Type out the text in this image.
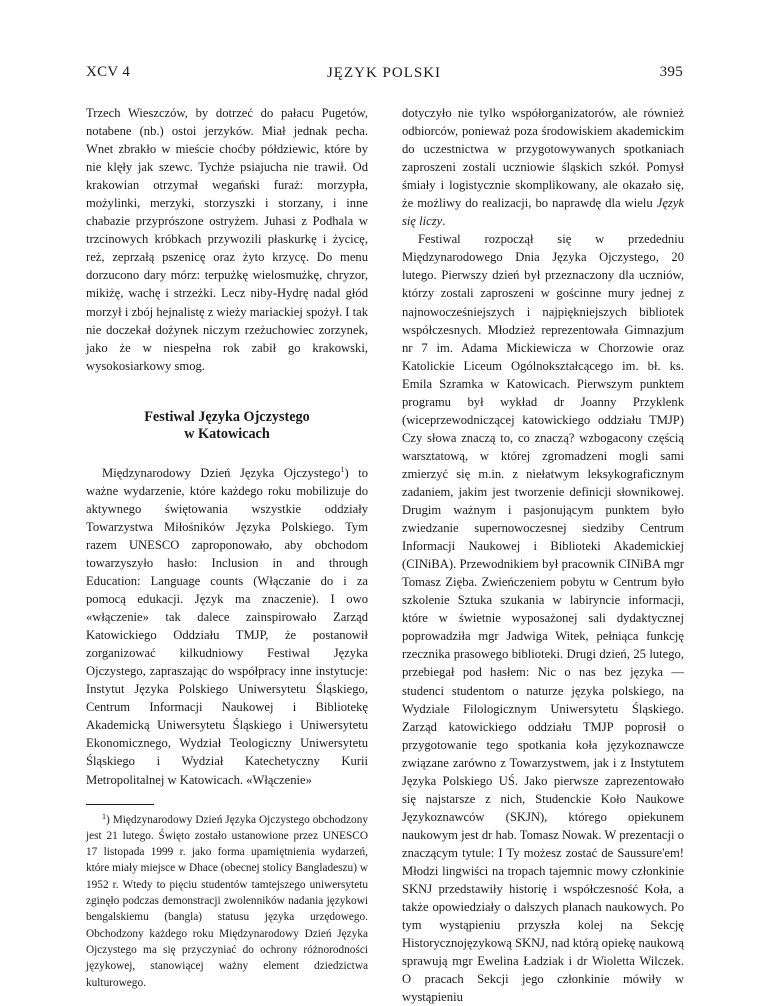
XCV 4	JĘZYK POLSKI	395

Trzech Wieszczów, by dotrzeć do pałacu Pugetów, notabene (nb.) ostoi jerzyków. Miał jednak pecha. Wnet zbrakło w mieście choćby półdziewic, które by nie klęły jak szewc. Tychże psiajucha nie trawił. Od krakowian otrzymał wegański furaż: morzypła, możylinki, merzyki, storzyszki i storzany, i inne chabazie przyprószone ostryżem. Juhasi z Podhala w trzcinowych króbkach przywozili płaskurkę i życicę, reż, zeprzałą pszenicę oraz żyto krzycę. Do menu dorzucono dary mórz: terpużkę wielosmużkę, chryzor, mikiżę, wachę i strzeżki. Lecz niby-Hydrę nadal głód morzył i zbój hejnalistę z wieży mariackiej spożył. I tak nie doczekał dożynek niczym rzeżuchowiec zorzynek, jako że w niespełna rok zabił go krakowski, wysokosiarkowy smog.

Festiwal Języka Ojczystego
w Katowicach

Międzynarodowy Dzień Języka Ojczystego$^1$) to ważne wydarzenie, które każdego roku mobilizuje do aktywnego świętowania wszystkie oddziały Towarzystwa Miłośników Języka Polskiego. Tym razem UNESCO zaproponowało, aby obchodom towarzyszyło hasło: Inclusion in and through Education: Language counts (Włączanie do i za pomocą edukacji. Język ma znaczenie). I owo «włączenie» tak dalece zainspirowało Zarząd Katowickiego Oddziału TMJP, że postanowił zorganizować kilkudniowy Festiwal Języka Ojczystego, zapraszając do współpracy inne instytucje: Instytut Języka Polskiego Uniwersytetu Śląskiego, Centrum Informacji Naukowej i Bibliotekę Akademicką Uniwersytetu Śląskiego i Uniwersytetu Ekonomicznego, Wydział Teologiczny Uniwersytetu Śląskiego i Wydział Katechetyczny Kurii Metropolitalnej w Katowicach. «Włączenie»

$^1$) Międzynarodowy Dzień Języka Ojczystego obchodzony jest 21 lutego. Święto zostało ustanowione przez UNESCO 17 listopada 1999 r. jako forma upamiętnienia wydarzeń, które miały miejsce w Dhace (obecnej stolicy Bangladeszu) w 1952 r. Wtedy to pięciu studentów tamtejszego uniwersytetu zginęło podczas demonstracji zwolenników nadania językowi bengalskiemu (bangla) statusu języka urzędowego. Obchodzony każdego roku Międzynarodowy Dzień Języka Ojczystego ma się przyczyniać do ochrony różnorodności językowej, stanowiącej ważny element dziedzictwa kulturowego.

dotyczyło nie tylko współorganizatorów, ale również odbiorców, ponieważ poza środowiskiem akademickim do uczestnictwa w przygotowywanych spotkaniach zaproszeni zostali uczniowie śląskich szkół. Pomysł śmiały i logistycznie skomplikowany, ale okazało się, że możliwy do realizacji, bo naprawdę dla wielu Język się liczy.

Festiwal rozpoczął się w przededniu Międzynarodowego Dnia Języka Ojczystego, 20 lutego. Pierwszy dzień był przeznaczony dla uczniów, którzy zostali zaproszeni w gościnne mury jednej z najnowocześniejszych i najpiękniejszych bibliotek współczesnych. Młodzież reprezentowała Gimnazjum nr 7 im. Adama Mickiewicza w Chorzowie oraz Katolickie Liceum Ogólnokształcącego im. bł. ks. Emila Szramka w Katowicach. Pierwszym punktem programu był wykład dr Joanny Przyklenk (wiceprzewodniczącej katowickiego oddziału TMJP) Czy słowa znaczą to, co znaczą? wzbogacony częścią warsztatową, w której zgromadzeni mogli sami zmierzyć się m.in. z niełatwym leksykograficznym zadaniem, jakim jest tworzenie definicji słownikowej. Drugim ważnym i pasjonującym punktem było zwiedzanie supernowoczesnej siedziby Centrum Informacji Naukowej i Biblioteki Akademickiej (CINiBA). Przewodnikiem był pracownik CINiBA mgr Tomasz Zięba. Zwieńczeniem pobytu w Centrum było szkolenie Sztuka szukania w labiryncie informacji, które w świetnie wyposażonej sali dydaktycznej poprowadziła mgr Jadwiga Witek, pełniąca funkcję rzecznika prasowego biblioteki. Drugi dzień, 25 lutego, przebiegał pod hasłem: Nic o nas bez języka — studenci studentom o naturze języka polskiego, na Wydziale Filologicznym Uniwersytetu Śląskiego. Zarząd katowickiego oddziału TMJP poprosił o przygotowanie tego spotkania koła językoznawcze związane zarówno z Towarzystwem, jak i z Instytutem Języka Polskiego UŚ. Jako pierwsze zaprezentowało się najstarsze z nich, Studenckie Koło Naukowe Językoznawców (SKJN), którego opiekunem naukowym jest dr hab. Tomasz Nowak. W prezentacji o znaczącym tytule: I Ty możesz zostać de Saussure'em! Młodzi lingwiści na tropach tajemnic mowy członkinie SKNJ przedstawiły historię i współczesność Koła, a także opowiedziały o dalszych planach naukowych. Po tym wystąpieniu przyszła kolej na Sekcję Historycznojęzykową SKNJ, nad którą opiekę naukową sprawują mgr Ewelina Ładziak i dr Wioletta Wilczek. O pracach Sekcji jego członkinie mówiły w wystąpieniu
